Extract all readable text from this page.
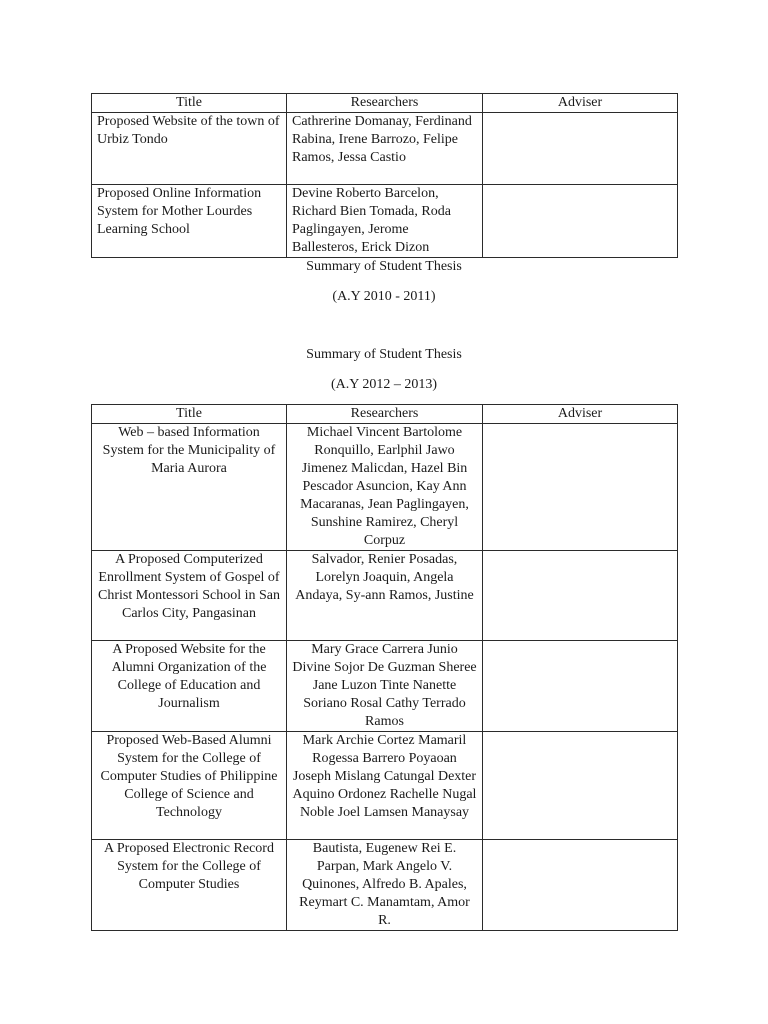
Title	Researchers	Adviser
Proposed Website of the town of Urbiz Tondo	Cathrerine Domanay, Ferdinand Rabina, Irene Barrozo, Felipe Ramos, Jessa Castio	
Proposed Online Information System for Mother Lourdes Learning School	Devine Roberto Barcelon, Richard Bien Tomada, Roda Paglingayen, Jerome Ballesteros, Erick Dizon	
Summary of Student Thesis
(A.Y 2010 - 2011)
Summary of Student Thesis
(A.Y 2012 – 2013)
Title	Researchers	Adviser
Web – based Information System for the Municipality of Maria Aurora	Michael Vincent Bartolome Ronquillo, Earlphil Jawo Jimenez Malicdan, Hazel Bin Pescador Asuncion, Kay Ann Macaranas, Jean Paglingayen, Sunshine Ramirez, Cheryl Corpuz	
A Proposed Computerized Enrollment System of Gospel of Christ Montessori School in San Carlos City, Pangasinan	Salvador, Renier Posadas, Lorelyn Joaquin, Angela Andaya, Sy-ann Ramos, Justine	
A Proposed Website for the Alumni Organization of the College of Education and Journalism	Mary Grace Carrera Junio Divine Sojor De Guzman Sheree Jane Luzon Tinte Nanette Soriano Rosal Cathy Terrado Ramos	
Proposed Web-Based Alumni System for the College of Computer Studies of Philippine College of Science and Technology	Mark Archie Cortez Mamaril Rogessa Barrero Poyaoan Joseph Mislang Catungal Dexter Aquino Ordonez Rachelle Nugal Noble Joel Lamsen Manaysay	
A Proposed Electronic Record System for the College of Computer Studies	Bautista, Eugenew Rei E. Parpan, Mark Angelo V. Quinones, Alfredo B. Apales, Reymart C. Manamtam, Amor R.	
